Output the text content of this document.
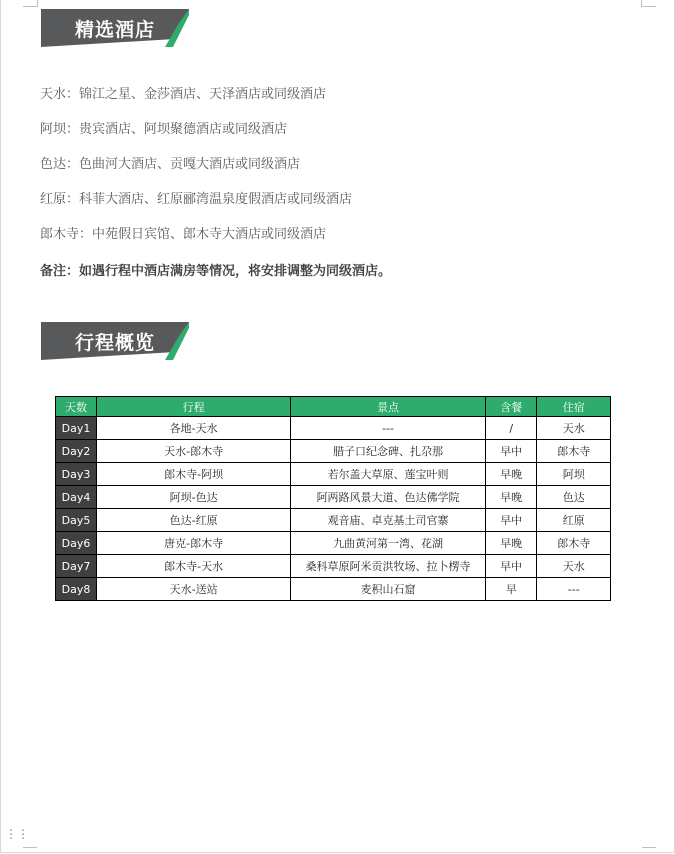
精选酒店
天水：锦江之星、金莎酒店、天泽酒店或同级酒店
阿坝：贵宾酒店、阿坝聚德酒店或同级酒店
色达：色曲河大酒店、贡嘎大酒店或同级酒店
红原：科菲大酒店、红原郦湾温泉度假酒店或同级酒店
郎木寺：中苑假日宾馆、郎木寺大酒店或同级酒店
备注：如遇行程中酒店满房等情况，将安排调整为同级酒店。
行程概览
天数	行程	景点	含餐	住宿
Day1	各地-天水	---	/	天水
Day2	天水-郎木寺	腊子口纪念碑、扎尕那	早中	郎木寺
Day3	郎木寺-阿坝	若尔盖大草原、莲宝叶则	早晚	阿坝
Day4	阿坝-色达	阿两路风景大道、色达佛学院	早晚	色达
Day5	色达-红原	观音庙、卓克基土司官寨	早中	红原
Day6	唐克-郎木寺	九曲黄河第一湾、花湖	早晚	郎木寺
Day7	郎木寺-天水	桑科草原阿米贡洪牧场、拉卜楞寺	早中	天水
Day8	天水-送站	麦积山石窟	早	---
⋮⋮
